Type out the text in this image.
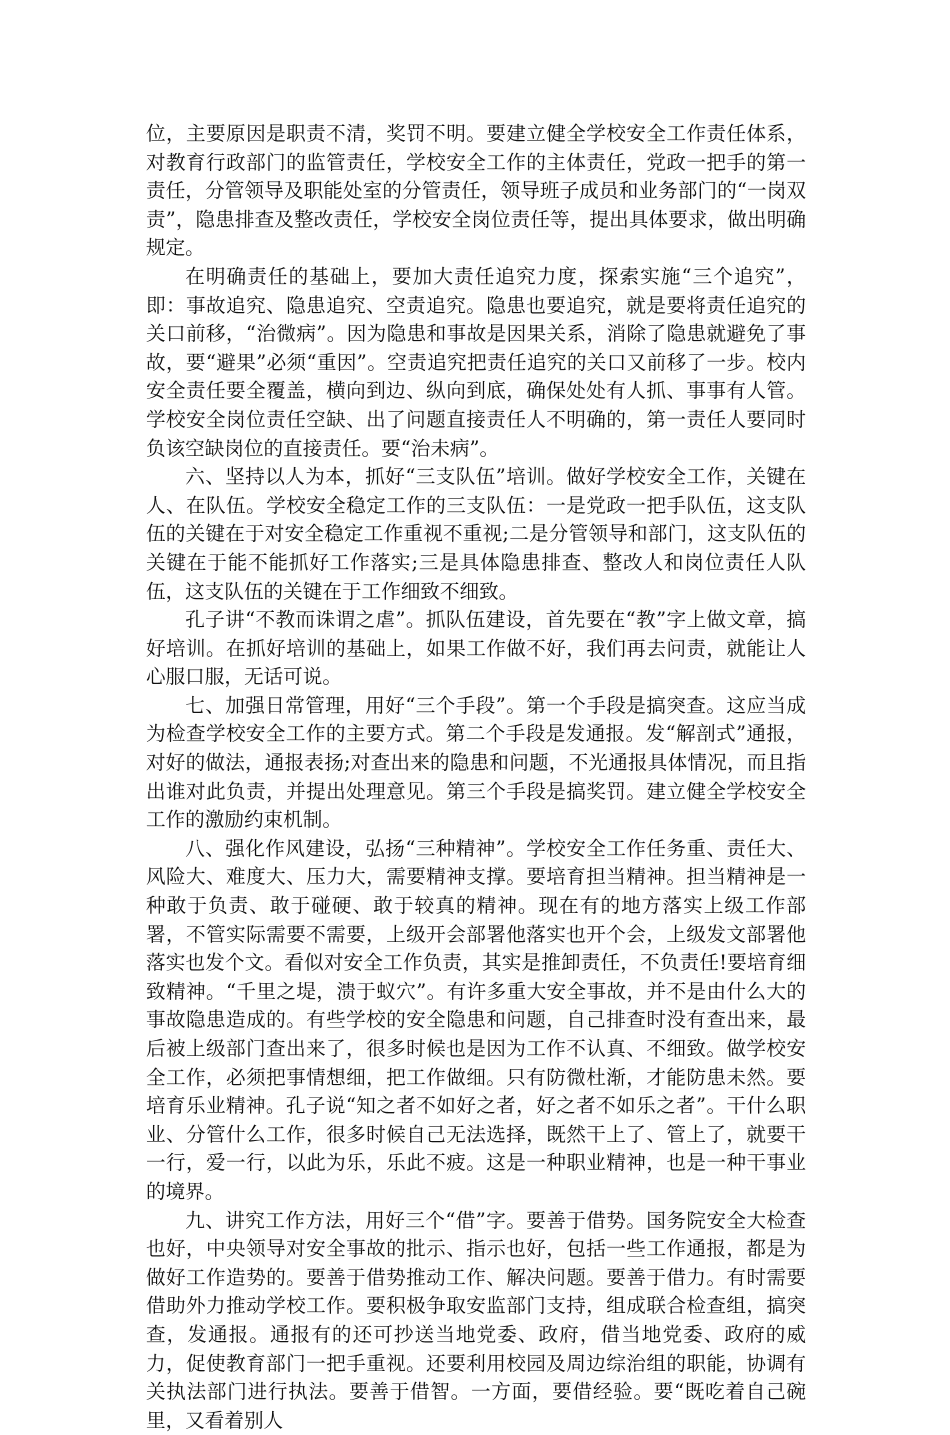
位，主要原因是职责不清，奖罚不明。要建立健全学校安全工作责任体系，对教育行政部门的监管责任，学校安全工作的主体责任，党政一把手的第一责任，分管领导及职能处室的分管责任，领导班子成员和业务部门的“一岗双责”，隐患排查及整改责任，学校安全岗位责任等，提出具体要求，做出明确规定。

在明确责任的基础上，要加大责任追究力度，探索实施“三个追究”，即：事故追究、隐患追究、空责追究。隐患也要追究，就是要将责任追究的关口前移，“治微病”。因为隐患和事故是因果关系，消除了隐患就避免了事故，要“避果”必须“重因”。空责追究把责任追究的关口又前移了一步。校内安全责任要全覆盖，横向到边、纵向到底，确保处处有人抓、事事有人管。学校安全岗位责任空缺、出了问题直接责任人不明确的，第一责任人要同时负该空缺岗位的直接责任。要“治未病”。

六、坚持以人为本，抓好“三支队伍”培训。做好学校安全工作，关键在人、在队伍。学校安全稳定工作的三支队伍：一是党政一把手队伍，这支队伍的关键在于对安全稳定工作重视不重视;二是分管领导和部门，这支队伍的关键在于能不能抓好工作落实;三是具体隐患排查、整改人和岗位责任人队伍，这支队伍的关键在于工作细致不细致。

孔子讲“不教而诛谓之虐”。抓队伍建设，首先要在“教”字上做文章，搞好培训。在抓好培训的基础上，如果工作做不好，我们再去问责，就能让人心服口服，无话可说。

七、加强日常管理，用好“三个手段”。第一个手段是搞突查。这应当成为检查学校安全工作的主要方式。第二个手段是发通报。发“解剖式”通报，对好的做法，通报表扬;对查出来的隐患和问题，不光通报具体情况，而且指出谁对此负责，并提出处理意见。第三个手段是搞奖罚。建立健全学校安全工作的激励约束机制。

八、强化作风建设，弘扬“三种精神”。学校安全工作任务重、责任大、风险大、难度大、压力大，需要精神支撑。要培育担当精神。担当精神是一种敢于负责、敢于碰硬、敢于较真的精神。现在有的地方落实上级工作部署，不管实际需要不需要，上级开会部署他落实也开个会，上级发文部署他落实也发个文。看似对安全工作负责，其实是推卸责任，不负责任!要培育细致精神。“千里之堤，溃于蚁穴”。有许多重大安全事故，并不是由什么大的事故隐患造成的。有些学校的安全隐患和问题，自己排查时没有查出来，最后被上级部门查出来了，很多时候也是因为工作不认真、不细致。做学校安全工作，必须把事情想细，把工作做细。只有防微杜渐，才能防患未然。要培育乐业精神。孔子说“知之者不如好之者，好之者不如乐之者”。干什么职业、分管什么工作，很多时候自己无法选择，既然干上了、管上了，就要干一行，爱一行，以此为乐，乐此不疲。这是一种职业精神，也是一种干事业的境界。

九、讲究工作方法，用好三个“借”字。要善于借势。国务院安全大检查也好，中央领导对安全事故的批示、指示也好，包括一些工作通报，都是为做好工作造势的。要善于借势推动工作、解决问题。要善于借力。有时需要借助外力推动学校工作。要积极争取安监部门支持，组成联合检查组，搞突查，发通报。通报有的还可抄送当地党委、政府，借当地党委、政府的威力，促使教育部门一把手重视。还要利用校园及周边综治组的职能，协调有关执法部门进行执法。要善于借智。一方面，要借经验。要“既吃着自己碗里，又看着别人
